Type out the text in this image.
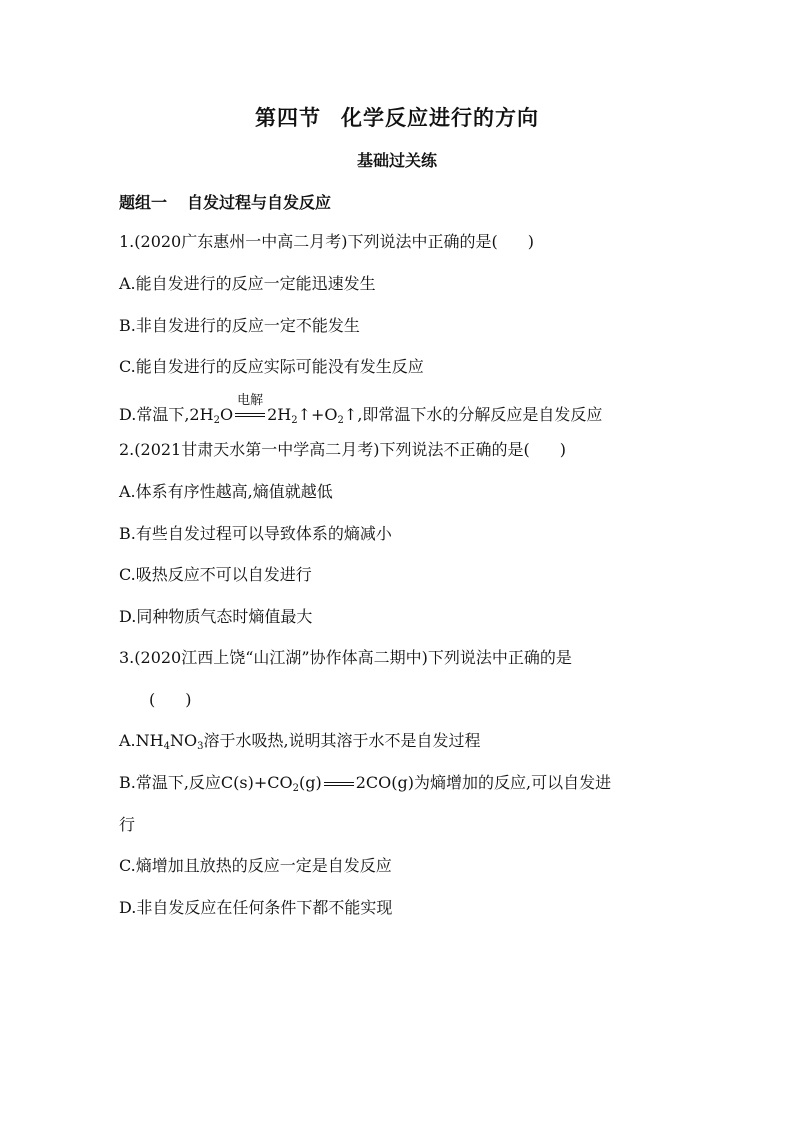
第四节 化学反应进行的方向
基础过关练
题组一 自发过程与自发反应
1.(2020广东惠州一中高二月考)下列说法中正确的是( )
A.能自发进行的反应一定能迅速发生
B.非自发进行的反应一定不能发生
C.能自发进行的反应实际可能没有发生反应
D.常温下$,2H_2O$
电解
$2H_2↑+O_2↑$,即常温下水的分解反应是自发反应
2.(2021甘肃天水第一中学高二月考)下列说法不正确的是( )
A.体系有序性越高,熵值就越低
B.有些自发过程可以导致体系的熵减小
C.吸热反应不可以自发进行
D.同种物质气态时熵值最大
3.(2020江西上饶“山江湖”协作体高二期中)下列说法中正确的是
( )
$A.NH_4NO_3$溶于水吸热,说明其溶于水不是自发过程
B.常温下,反应$C(s)+CO_2(g)$ 2CO(g)为熵增加的反应,可以自发进
行
C.熵增加且放热的反应一定是自发反应
D.非自发反应在任何条件下都不能实现
